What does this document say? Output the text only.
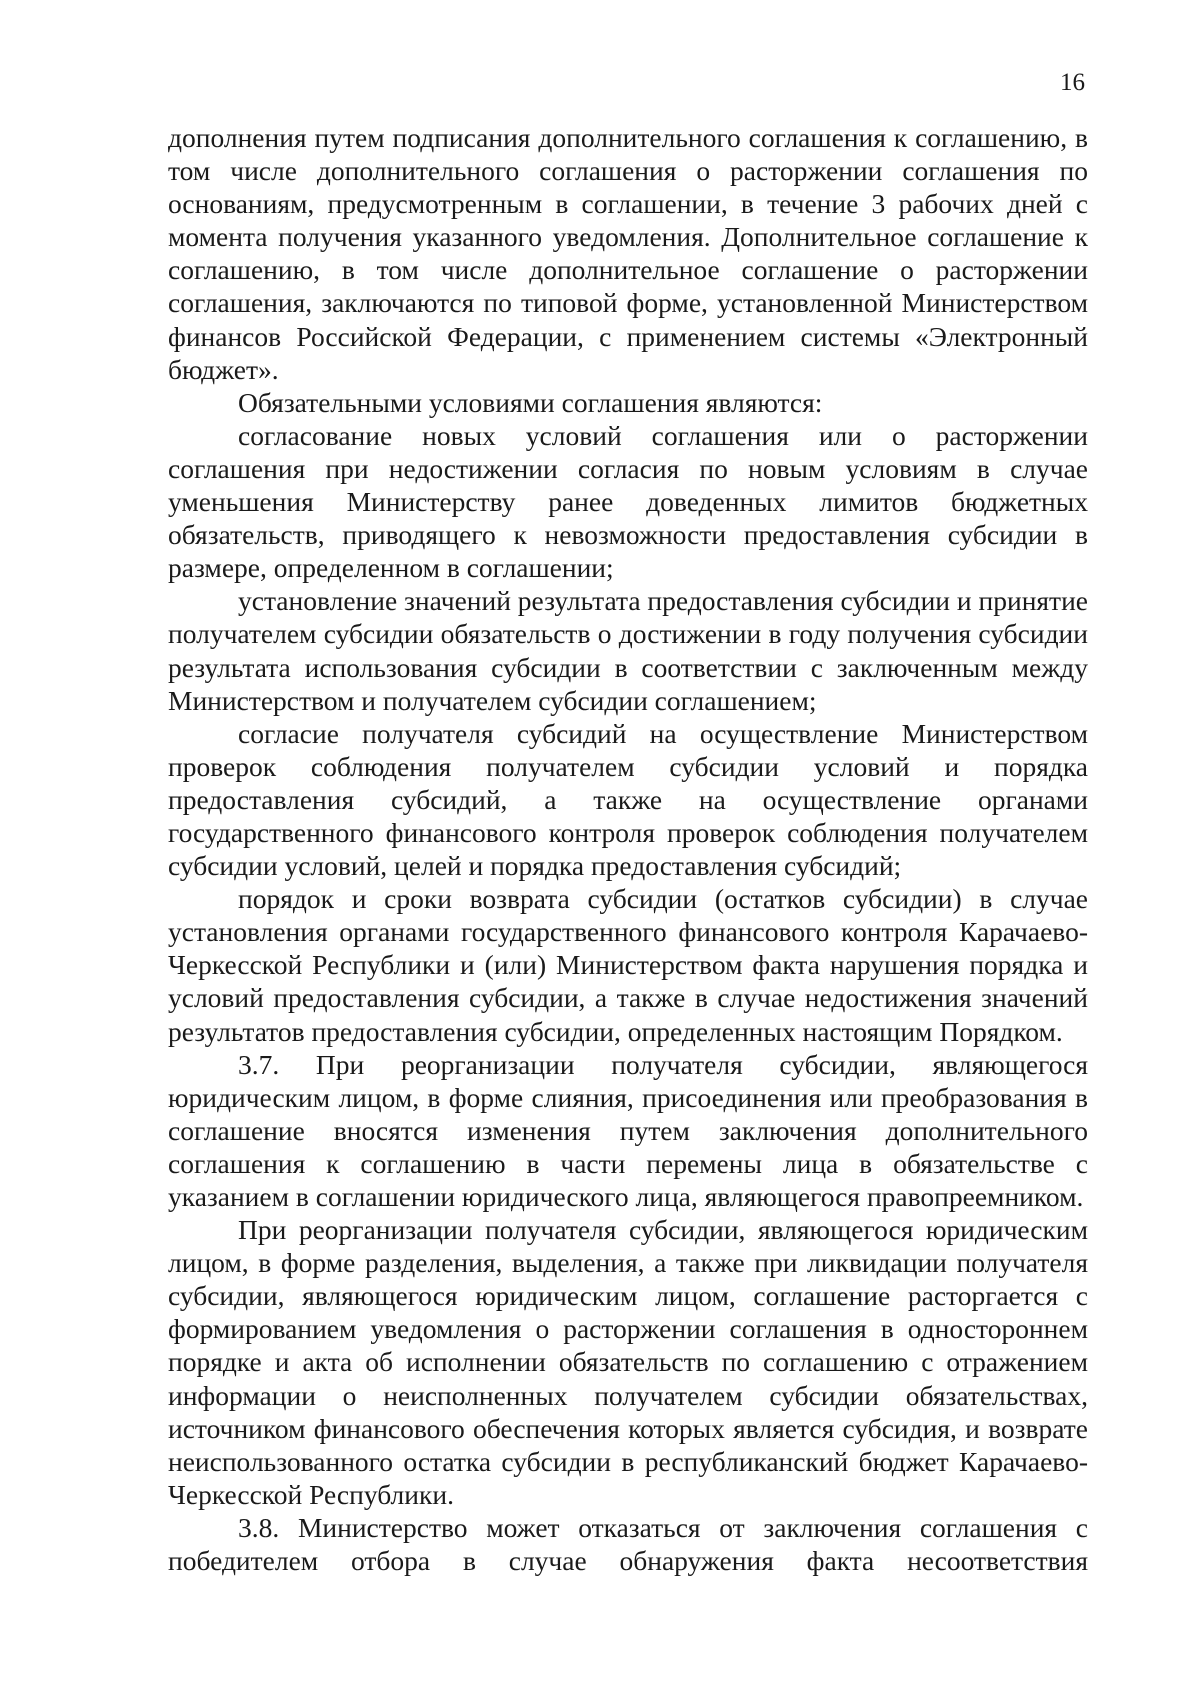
16

дополнения путем подписания дополнительного соглашения к соглашению, в том числе дополнительного соглашения о расторжении соглашения по основаниям, предусмотренным в соглашении, в течение 3 рабочих дней с момента получения указанного уведомления. Дополнительное соглашение к соглашению, в том числе дополнительное соглашение о расторжении соглашения, заключаются по типовой форме, установленной Министерством финансов Российской Федерации, с применением системы «Электронный бюджет».

Обязательными условиями соглашения являются:

согласование новых условий соглашения или о расторжении соглашения при недостижении согласия по новым условиям в случае уменьшения Министерству ранее доведенных лимитов бюджетных обязательств, приводящего к невозможности предоставления субсидии в размере, определенном в соглашении;

установление значений результата предоставления субсидии и принятие получателем субсидии обязательств о достижении в году получения субсидии результата использования субсидии в соответствии с заключенным между Министерством и получателем субсидии соглашением;

согласие получателя субсидий на осуществление Министерством проверок соблюдения получателем субсидии условий и порядка предоставления субсидий, а также на осуществление органами государственного финансового контроля проверок соблюдения получателем субсидии условий, целей и порядка предоставления субсидий;

порядок и сроки возврата субсидии (остатков субсидии) в случае установления органами государственного финансового контроля Карачаево-Черкесской Республики и (или) Министерством факта нарушения порядка и условий предоставления субсидии, а также в случае недостижения значений результатов предоставления субсидии, определенных настоящим Порядком.

3.7. При реорганизации получателя субсидии, являющегося юридическим лицом, в форме слияния, присоединения или преобразования в соглашение вносятся изменения путем заключения дополнительного соглашения к соглашению в части перемены лица в обязательстве с указанием в соглашении юридического лица, являющегося правопреемником.

При реорганизации получателя субсидии, являющегося юридическим лицом, в форме разделения, выделения, а также при ликвидации получателя субсидии, являющегося юридическим лицом, соглашение расторгается с формированием уведомления о расторжении соглашения в одностороннем порядке и акта об исполнении обязательств по соглашению с отражением информации о неисполненных получателем субсидии обязательствах, источником финансового обеспечения которых является субсидия, и возврате неиспользованного остатка субсидии в республиканский бюджет Карачаево-Черкесской Республики.

3.8. Министерство может отказаться от заключения соглашения с победителем отбора в случае обнаружения факта несоответствия
